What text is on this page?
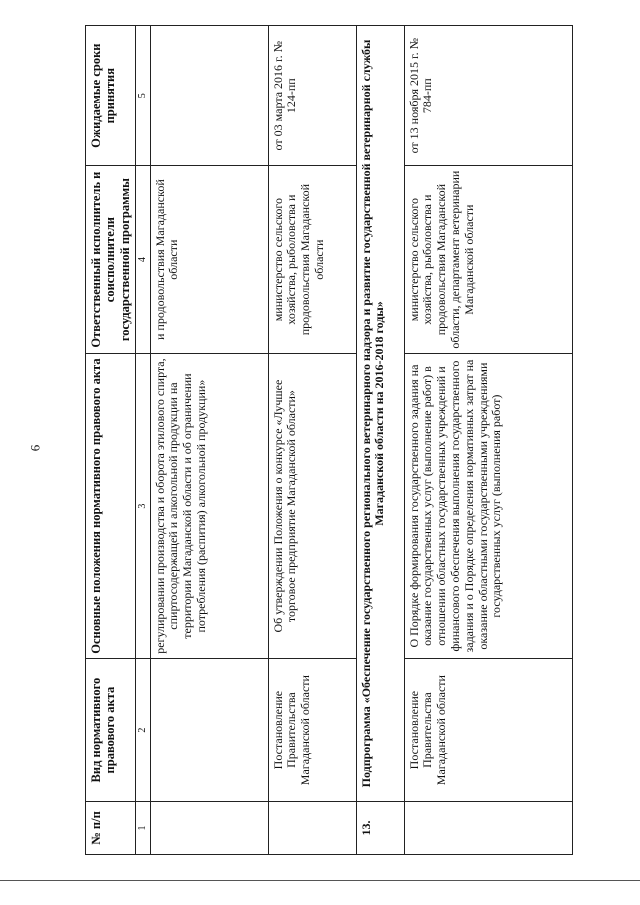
6
№ п/п	Вид нормативного правового акта	Основные положения нормативного правового акта	Ответственный исполнитель и соисполнители государственной программы	Ожидаемые сроки принятия
1	2	3	4	5
		регулировании производства и оборота этилового спирта, спиртосодержащей и алкогольной продукции на территории Магаданской области и об ограничении потребления (распития) алкогольной продукции»	и продовольствия Магаданской области	
	Постановление Правительства Магаданской области	Об утверждении Положения о конкурсе «Лучшее торговое предприятие Магаданской области»	министерство сельского хозяйства, рыболовства и продовольствия Магаданской области	от 03 марта 2016 г. № 124-пп
13.	Подпрограмма «Обеспечение государственного регионального ветеринарного надзора и развитие государственной ветеринарной службы Магаданской области на 2016-2018 годы»			
	Постановление Правительства Магаданской области	О Порядке формирования государственного задания на оказание государственных услуг (выполнение работ) в отношении областных государственных учреждений и финансового обеспечения выполнения государственного задания и о Порядке определения нормативных затрат на оказание областными государственными учреждениями государственных услуг (выполнения работ)	министерство сельского хозяйства, рыболовства и продовольствия Магаданской области, департамент ветеринарии Магаданской области	от 13 ноября 2015 г. № 784-пп
